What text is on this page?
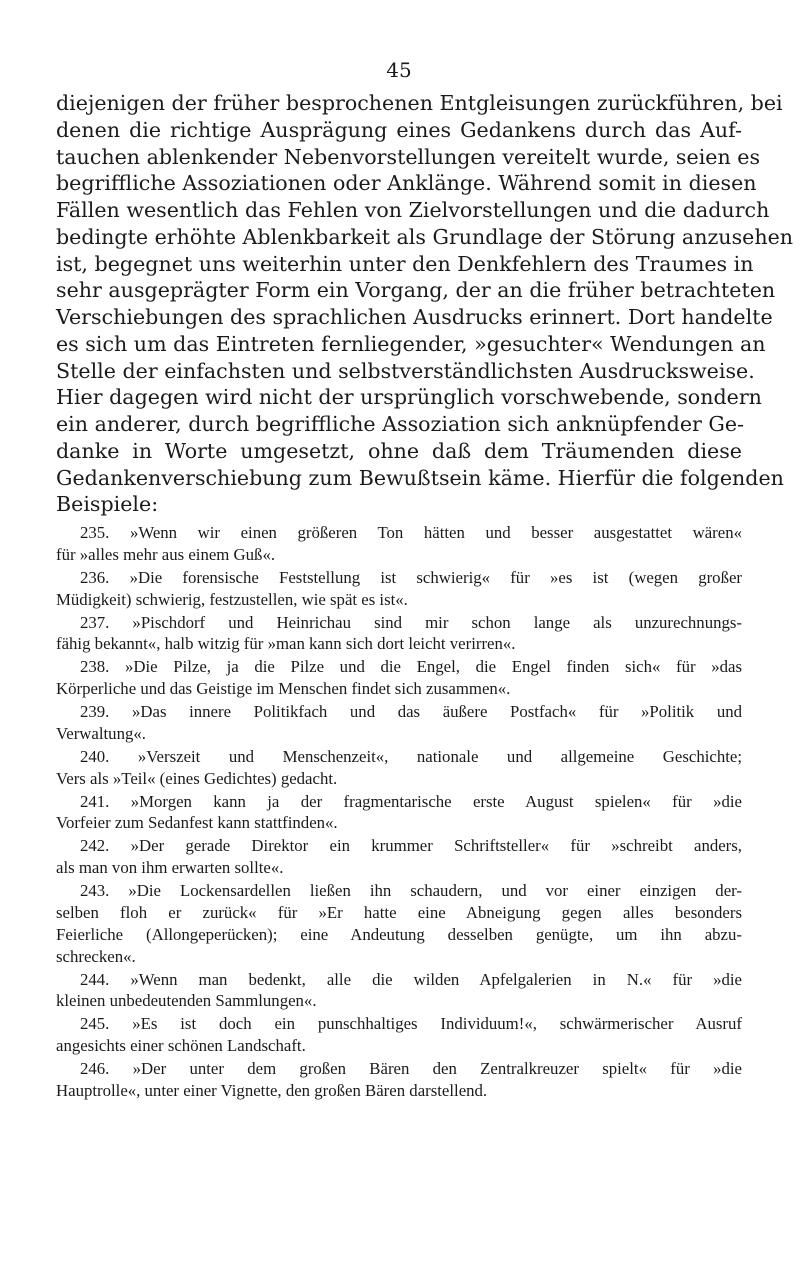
45
diejenigen der früher besprochenen Entgleisungen zurückführen, bei
denen die richtige Ausprägung eines Gedankens durch das Auf-
tauchen ablenkender Nebenvorstellungen vereitelt wurde, seien es
begriffliche Assoziationen oder Anklänge. Während somit in diesen
Fällen wesentlich das Fehlen von Zielvorstellungen und die dadurch
bedingte erhöhte Ablenkbarkeit als Grundlage der Störung anzusehen
ist, begegnet uns weiterhin unter den Denkfehlern des Traumes in
sehr ausgeprägter Form ein Vorgang, der an die früher betrachteten
Verschiebungen des sprachlichen Ausdrucks erinnert. Dort handelte
es sich um das Eintreten fernliegender, »gesuchter« Wendungen an
Stelle der einfachsten und selbstverständlichsten Ausdrucksweise.
Hier dagegen wird nicht der ursprünglich vorschwebende, sondern
ein anderer, durch begriffliche Assoziation sich anknüpfender Ge-
danke in Worte umgesetzt, ohne daß dem Träumenden diese
Gedankenverschiebung zum Bewußtsein käme. Hierfür die folgenden
Beispiele:
235. »Wenn wir einen größeren Ton hätten und besser ausgestattet wären«
für »alles mehr aus einem Guß«.
236. »Die forensische Feststellung ist schwierig« für »es ist (wegen großer
Müdigkeit) schwierig, festzustellen, wie spät es ist«.
237. »Pischdorf und Heinrichau sind mir schon lange als unzurechnungs-
fähig bekannt«, halb witzig für »man kann sich dort leicht verirren«.
238. »Die Pilze, ja die Pilze und die Engel, die Engel finden sich« für »das
Körperliche und das Geistige im Menschen findet sich zusammen«.
239. »Das innere Politikfach und das äußere Postfach« für »Politik und
Verwaltung«.
240. »Verszeit und Menschenzeit«, nationale und allgemeine Geschichte;
Vers als »Teil« (eines Gedichtes) gedacht.
241. »Morgen kann ja der fragmentarische erste August spielen« für »die
Vorfeier zum Sedanfest kann stattfinden«.
242. »Der gerade Direktor ein krummer Schriftsteller« für »schreibt anders,
als man von ihm erwarten sollte«.
243. »Die Lockensardellen ließen ihn schaudern, und vor einer einzigen der-
selben floh er zurück« für »Er hatte eine Abneigung gegen alles besonders
Feierliche (Allongeperücken); eine Andeutung desselben genügte, um ihn abzu-
schrecken«.
244. »Wenn man bedenkt, alle die wilden Apfelgalerien in N.« für »die
kleinen unbedeutenden Sammlungen«.
245. »Es ist doch ein punschhaltiges Individuum!«, schwärmerischer Ausruf
angesichts einer schönen Landschaft.
246. »Der unter dem großen Bären den Zentralkreuzer spielt« für »die
Hauptrolle«, unter einer Vignette, den großen Bären darstellend.
